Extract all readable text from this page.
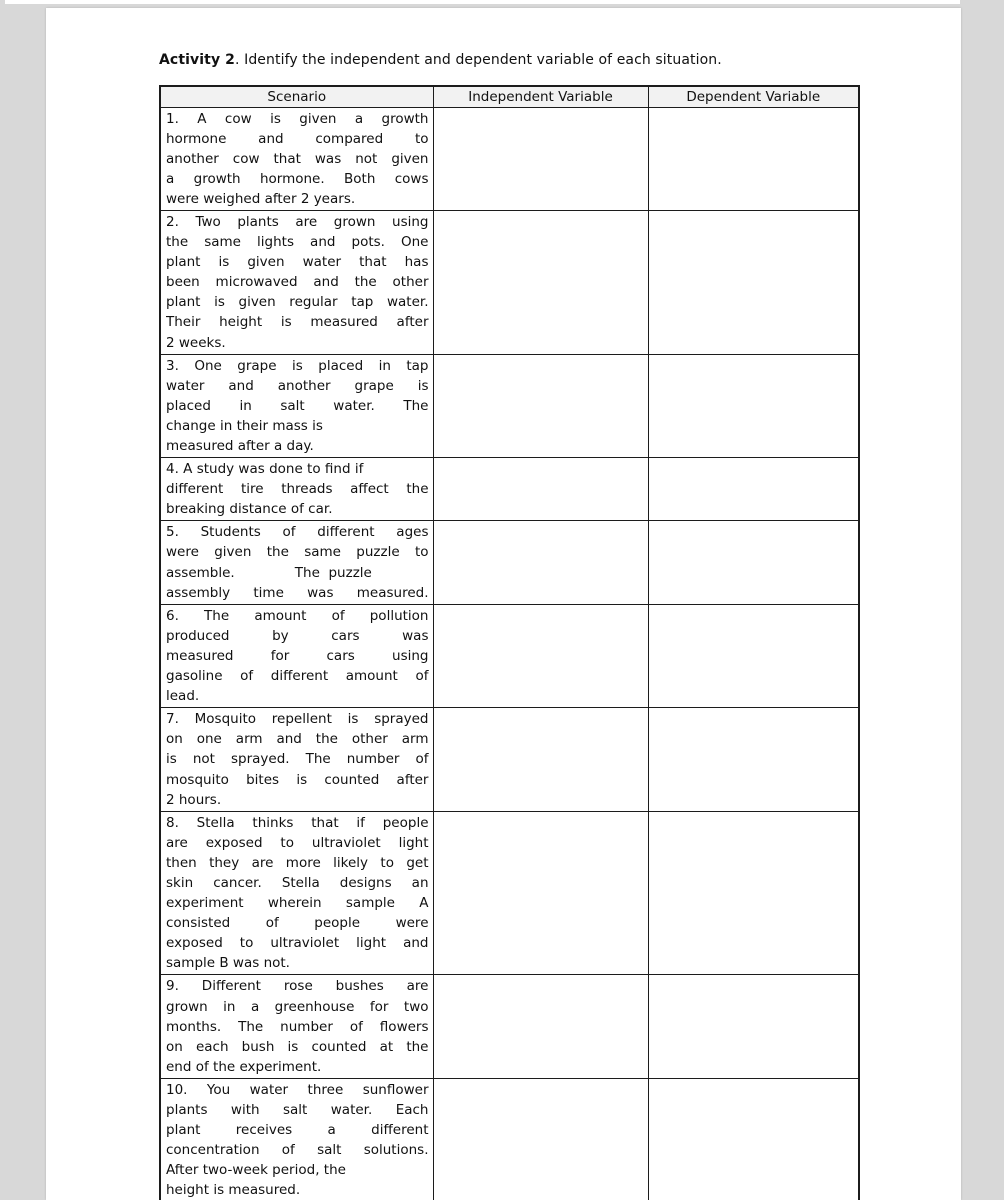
Activity 2. Identify the independent and dependent variable of each situation.
Scenario	Independent Variable	Dependent Variable

1. A cow is given a growth
hormone and compared to
another cow that was not given
a growth hormone. Both cows
were weighed after 2 years.		

2. Two plants are grown using
the same lights and pots. One
plant is given water that has
been microwaved and the other
plant is given regular tap water.
Their height is measured after
2 weeks.

3. One grape is placed in tap
water and another grape is
placed in salt water. The
change in their mass is
measured after a day.		

4. A study was done to find if
different tire threads affect the
breaking distance of car.		

5. Students of different ages
were given the same puzzle to
assemble.              The  puzzle
assembly time was measured.		

6. The amount of pollution
produced by cars was
measured for cars using
gasoline of different amount of
lead.		

7. Mosquito repellent is sprayed
on one arm and the other arm
is not sprayed. The number of
mosquito bites is counted after
2 hours.		

8. Stella thinks that if people
are exposed to ultraviolet light
then they are more likely to get
skin cancer. Stella designs an
experiment wherein sample A
consisted of people were
exposed to ultraviolet light and
sample B was not.

9. Different rose bushes are
grown in a greenhouse for two
months. The number of flowers
on each bush is counted at the
end of the experiment.		

10. You water three sunflower
plants with salt water. Each
plant receives a different
concentration of salt solutions.
After two-week period, the
height is measured.
